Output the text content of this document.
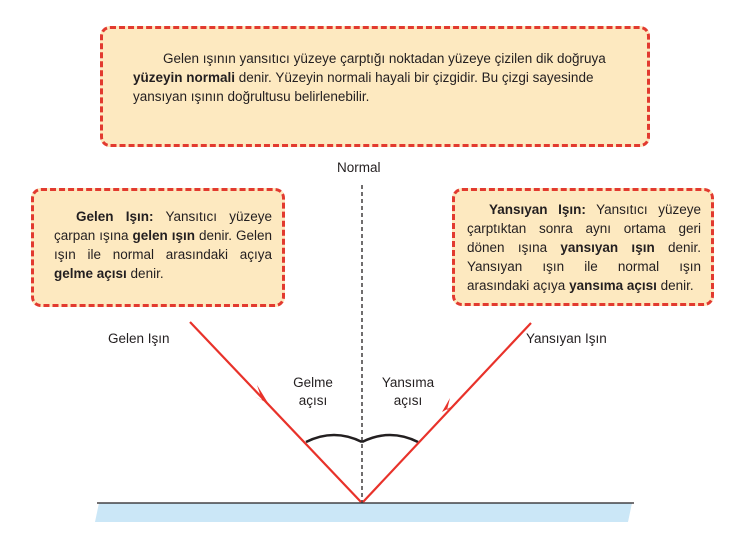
Gelen ışının yansıtıcı yüzeye çarptığı noktadan yüzeye çizilen dik doğruya yüzeyin normali denir. Yüzeyin normali hayali bir çizgidir. Bu çizgi sayesinde yansıyan ışının doğrultusu belirlenebilir.
Gelen Işın: Yansıtıcı yüzeye çarpan ışına gelen ışın denir. Gelen ışın ile normal arasındaki açıya gelme açısı denir.
Yansıyan Işın: Yansıtıcı yüzeye çarptıktan sonra aynı ortama geri dönen ışına yansıyan ışın denir. Yansıyan ışın ile normal ışın arasındaki açıya yansıma açısı denir.
Normal
Gelen Işın	Yansıyan Işın
Gelme
açısı
Yansıma
açısı
